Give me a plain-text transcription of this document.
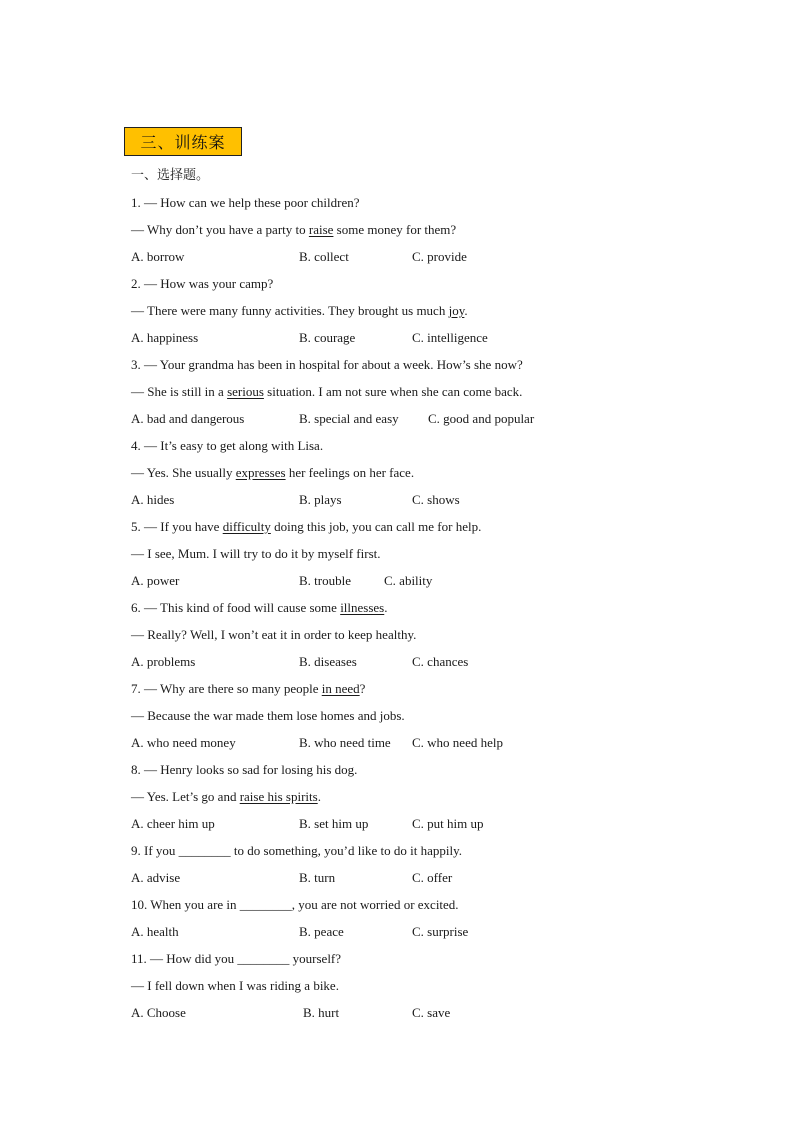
三、训练案
一、选择题。
1. — How can we help these poor children?
— Why don’t you have a party to raise some money for them?
A. borrow	B. collect	C. provide
2. — How was your camp?
— There were many funny activities. They brought us much joy.
A. happiness	B. courage	C. intelligence
3. — Your grandma has been in hospital for about a week. How’s she now?
— She is still in a serious situation. I am not sure when she can come back.
A. bad and dangerous	B. special and easy C. good and popular
4. — It’s easy to get along with Lisa.
— Yes. She usually expresses her feelings on her face.
A. hides	B. plays	C. shows
5. — If you have difficulty doing this job, you can call me for help.
— I see, Mum. I will try to do it by myself first.
A. power	B. trouble	C. ability
6. — This kind of food will cause some illnesses.
— Really? Well, I won’t eat it in order to keep healthy.
A. problems	B. diseases	C. chances
7. — Why are there so many people in need?
— Because the war made them lose homes and jobs.
A. who need money	B. who need time C. who need help
8. — Henry looks so sad for losing his dog.
— Yes. Let’s go and raise his spirits.
A. cheer him up	B. set him up	C. put him up
9. If you ________ to do something, you’d like to do it happily.
A. advise	B. turn	C. offer
10. When you are in ________, you are not worried or excited.
A. health	B. peace	C. surprise
11. — How did you ________ yourself?
— I fell down when I was riding a bike.
A. Choose	B. hurt	C. save
